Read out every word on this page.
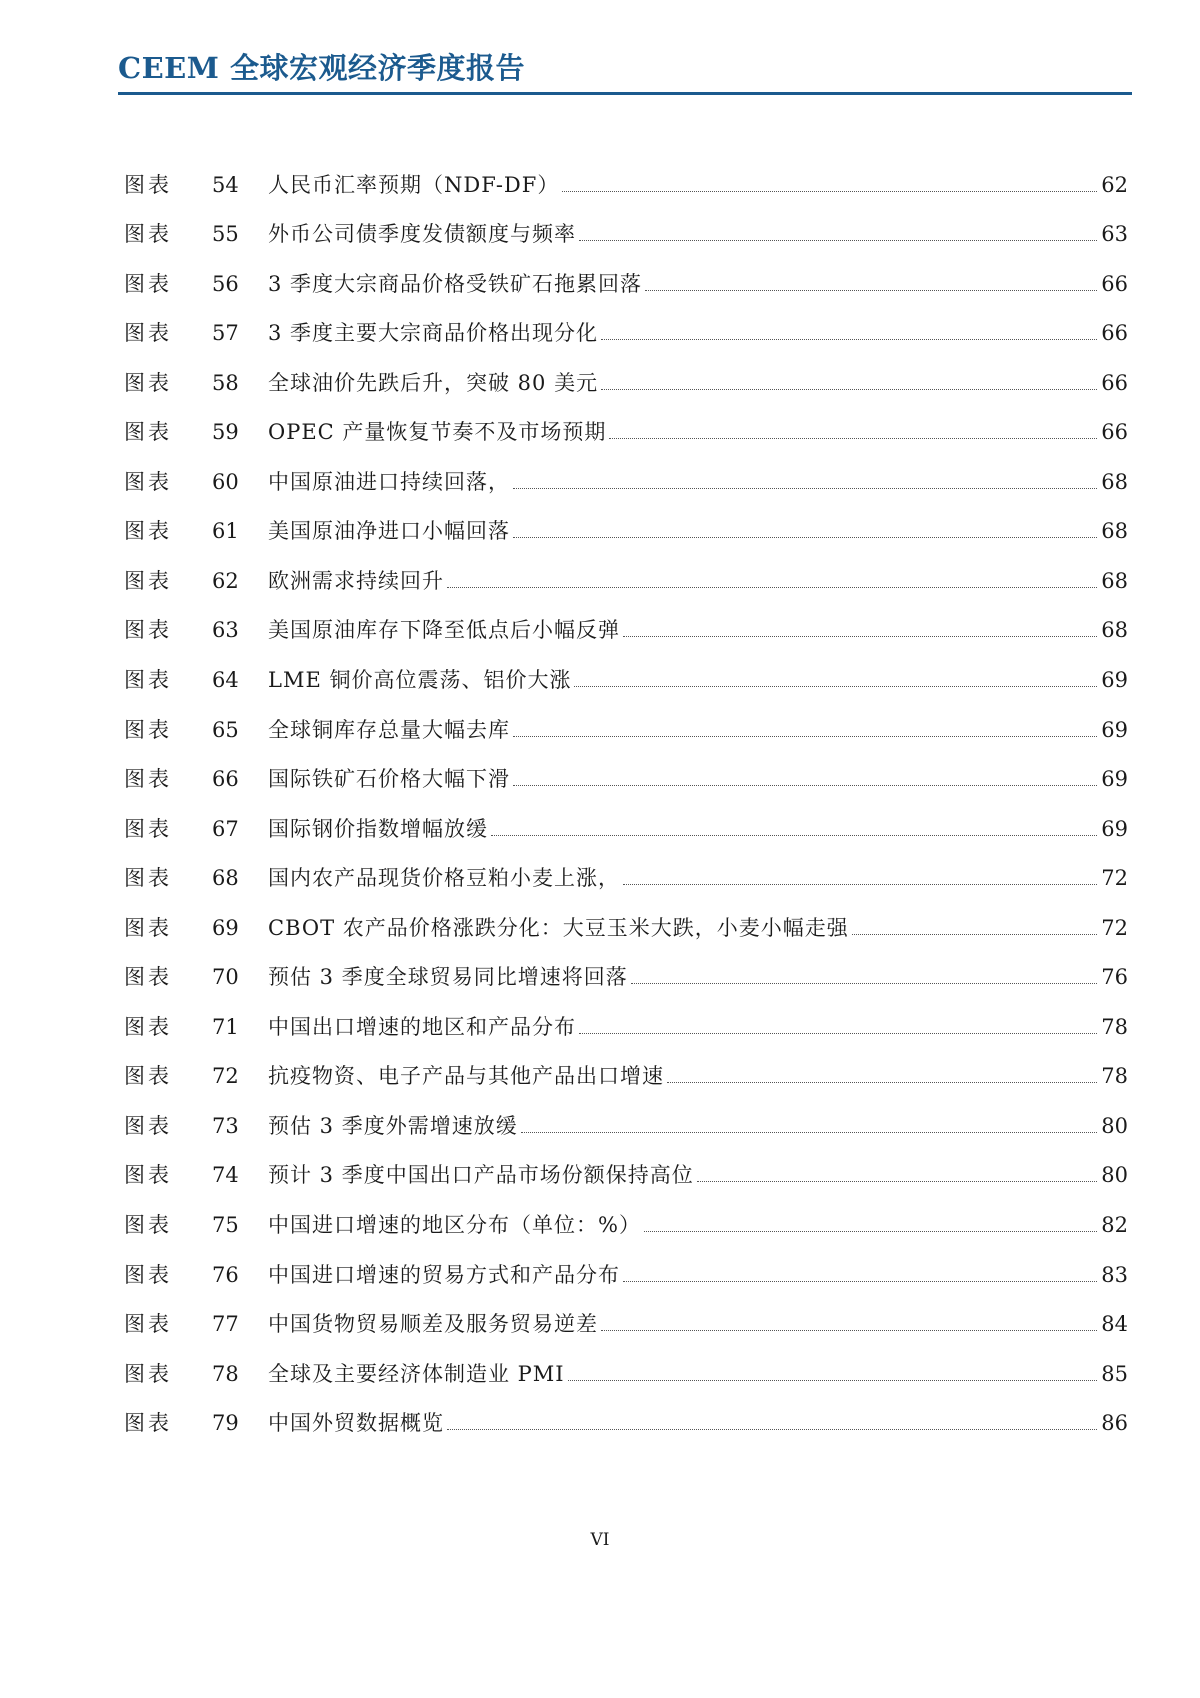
CEEM 全球宏观经济季度报告
图表	54	人民币汇率预期（NDF-DF）	62
图表	55	外币公司债季度发债额度与频率	63
图表	56	3 季度大宗商品价格受铁矿石拖累回落	66
图表	57	3 季度主要大宗商品价格出现分化	66
图表	58	全球油价先跌后升，突破 80 美元	66
图表	59	OPEC 产量恢复节奏不及市场预期	66
图表	60	中国原油进口持续回落，	68
图表	61	美国原油净进口小幅回落	68
图表	62	欧洲需求持续回升	68
图表	63	美国原油库存下降至低点后小幅反弹	68
图表	64	LME 铜价高位震荡、铝价大涨	69
图表	65	全球铜库存总量大幅去库	69
图表	66	国际铁矿石价格大幅下滑	69
图表	67	国际钢价指数增幅放缓	69
图表	68	国内农产品现货价格豆粕小麦上涨，	72
图表	69	CBOT 农产品价格涨跌分化：大豆玉米大跌，小麦小幅走强	72
图表	70	预估 3 季度全球贸易同比增速将回落	76
图表	71	中国出口增速的地区和产品分布	78
图表	72	抗疫物资、电子产品与其他产品出口增速	78
图表	73	预估 3 季度外需增速放缓	80
图表	74	预计 3 季度中国出口产品市场份额保持高位	80
图表	75	中国进口增速的地区分布（单位：%）	82
图表	76	中国进口增速的贸易方式和产品分布	83
图表	77	中国货物贸易顺差及服务贸易逆差	84
图表	78	全球及主要经济体制造业 PMI	85
图表	79	中国外贸数据概览	86
VI
